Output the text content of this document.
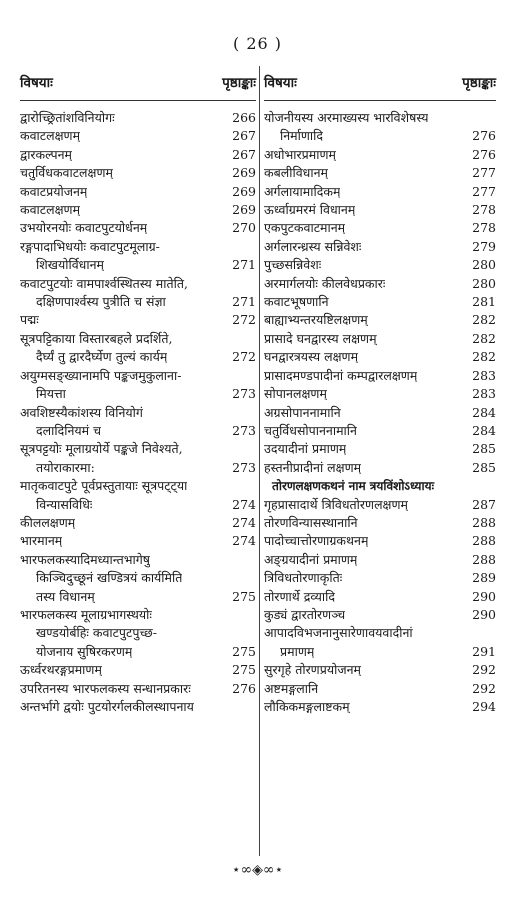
( 26 )
विषयाः	पृष्ठाङ्काः
द्वारोच्छ्रितांशविनियोगः	266
कवाटलक्षणम्	267
द्वारकल्पनम्	267
चतुर्विधकवाटलक्षणम्	269
कवाटप्रयोजनम्	269
कवाटलक्षणम्	269
उभयोरनयोः कवाटपुटयोर्धनम्	270
रङ्गपादाभिधयोः कवाटपुटमूलाग्र-
शिखयोर्विधानम्	271
कवाटपुटयोः वामपार्श्वस्थितस्य मातेति,
दक्षिणपार्श्वस्य पुत्रीति च संज्ञा	271
पद्मः	272
सूत्रपट्टिकाया विस्तारबहले प्रदर्शिते,
दैर्घ्यं तु द्वारदैर्घ्येण तुल्यं कार्यम्	272
अयुग्मसङ्ख्यानामपि पङ्कजमुकुलाना-
मियत्ता	273
अवशिष्टस्यैकांशस्य विनियोगं
दलादिनियमं च	273
सूत्रपट्टयोः मूलाग्रयोर्ये पङ्कजे निवेश्यते,
तयोराकारमा:	273
मातृकवाटपुटे पूर्वप्रस्तुतायाः सूत्रपट्ट्या
विन्यासविधिः	274
कीललक्षणम्	274
भारमानम्	274
भारफलकस्यादिमध्यान्तभागेषु
किञ्चिदुच्छूनं खण्डित्रयं कार्यमिति
तस्य विधानम्	275
भारफलकस्य मूलाग्रभागस्थयोः
खण्डयोर्बहिः कवाटपुटपुच्छ-
योजनाय सुषिरकरणम्	275
ऊर्ध्वरथरङ्गप्रमाणम्	275
उपरितनस्य भारफलकस्य सन्धानप्रकारः	276
अन्तर्भागे द्वयोः पुटयोरर्गलकीलस्थापनाय
विषयाः	पृष्ठाङ्काः
योजनीयस्य अरमाख्यस्य भारविशेषस्य
निर्माणादि	276
अधोभारप्रमाणम्	276
कबलीविधानम्	277
अर्गलायामादिकम्	277
ऊर्ध्वाग्रमरमं विधानम्	278
एकपुटकवाटमानम्	278
अर्गलारन्ध्रस्य सन्निवेशः	279
पुच्छसन्निवेशः	280
अरमार्गलयोः कीलवेधप्रकारः	280
कवाटभूषणानि	281
बाह्याभ्यन्तरयष्टिलक्षणम्	282
प्रासादे घनद्वारस्य लक्षणम्	282
घनद्वारत्रयस्य लक्षणम्	282
प्रासादमण्डपादीनां कम्पद्वारलक्षणम्	283
सोपानलक्षणम्	283
अग्रसोपाननामानि	284
चतुर्विधसोपाननामानि	284
उदयादीनां प्रमाणम्	285
हस्तनीप्रादीनां लक्षणम्	285
तोरणलक्षणकथनं नाम त्रयविंशोऽध्यायः
गृहप्रासादार्थे त्रिविधतोरणलक्षणम्	287
तोरणविन्यासस्थानानि	288
पादोच्चात्तोरणाग्रकथनम्	288
अङ्ग्रयादीनां प्रमाणम्	288
त्रिविधतोरणाकृतिः	289
तोरणार्थे द्रव्यादि	290
कुड्यं द्वारतोरणञ्च	290
आपादविभजनानुसारेणावयवादीनां
प्रमाणम्	291
सुरगृहे तोरणप्रयोजनम्	292
अष्टमङ्गलानि	292
लौकिकमङ्गलाष्टकम्	294
⋆∞◈∞⋆
